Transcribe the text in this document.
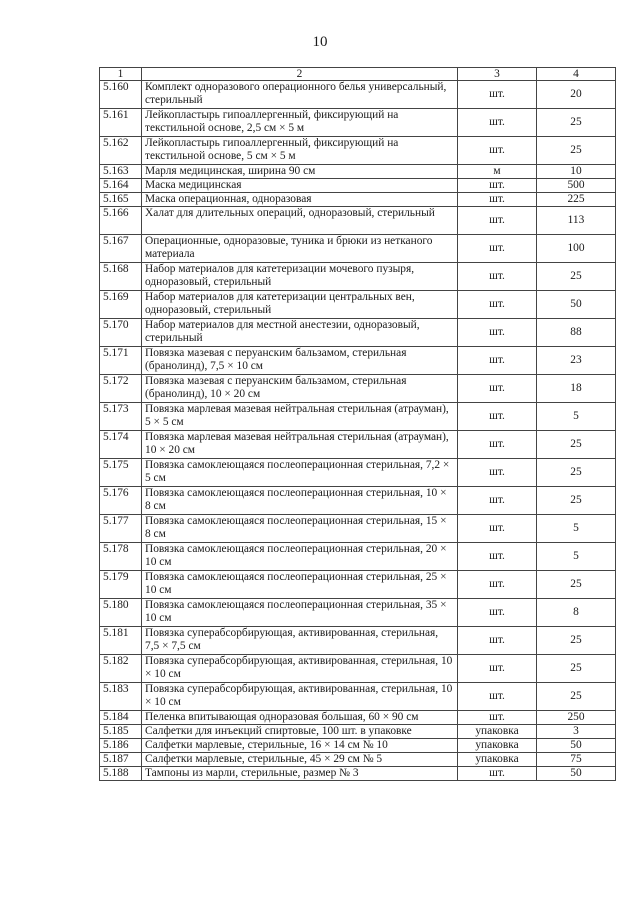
10
1	2	3	4
5.160	Комплект одноразового операционного белья универсальный, стерильный	шт.	20
5.161	Лейкопластырь гипоаллергенный, фиксирующий на текстильной основе, 2,5 см × 5 м	шт.	25
5.162	Лейкопластырь гипоаллергенный, фиксирующий на текстильной основе, 5 см × 5 м	шт.	25
5.163	Марля медицинская, ширина 90 см	м	10
5.164	Маска медицинская	шт.	500
5.165	Маска операционная, одноразовая	шт.	225
5.166	Халат для длительных операций, одноразовый, стерильный	шт.	113
5.167	Операционные, одноразовые, туника и брюки из нетканого материала	шт.	100
5.168	Набор материалов для катетеризации мочевого пузыря, одноразовый, стерильный	шт.	25
5.169	Набор материалов для катетеризации центральных вен, одноразовый, стерильный	шт.	50
5.170	Набор материалов для местной анестезии, одноразовый, стерильный	шт.	88
5.171	Повязка мазевая с перуанским бальзамом, стерильная (бранолинд), 7,5 × 10 см	шт.	23
5.172	Повязка мазевая с перуанским бальзамом, стерильная (бранолинд), 10 × 20 см	шт.	18
5.173	Повязка марлевая мазевая нейтральная стерильная (атрауман), 5 × 5 см	шт.	5
5.174	Повязка марлевая мазевая нейтральная стерильная (атрауман), 10 × 20 см	шт.	25
5.175	Повязка самоклеющаяся послеоперационная стерильная, 7,2 × 5 см	шт.	25
5.176	Повязка самоклеющаяся послеоперационная стерильная, 10 × 8 см	шт.	25
5.177	Повязка самоклеющаяся послеоперационная стерильная, 15 × 8 см	шт.	5
5.178	Повязка самоклеющаяся послеоперационная стерильная, 20 × 10 см	шт.	5
5.179	Повязка самоклеющаяся послеоперационная стерильная, 25 × 10 см	шт.	25
5.180	Повязка самоклеющаяся послеоперационная стерильная, 35 × 10 см	шт.	8
5.181	Повязка суперабсорбирующая, активированная, стерильная, 7,5 × 7,5 см	шт.	25
5.182	Повязка суперабсорбирующая, активированная, стерильная, 10 × 10 см	шт.	25
5.183	Повязка суперабсорбирующая, активированная, стерильная, 10 × 10 см	шт.	25
5.184	Пеленка впитывающая одноразовая большая, 60 × 90 см	шт.	250
5.185	Салфетки для инъекций спиртовые, 100 шт. в упаковке	упаковка	3
5.186	Салфетки марлевые, стерильные, 16 × 14 см № 10	упаковка	50
5.187	Салфетки марлевые, стерильные, 45 × 29 см № 5	упаковка	75
5.188	Тампоны из марли, стерильные, размер № 3	шт.	50
